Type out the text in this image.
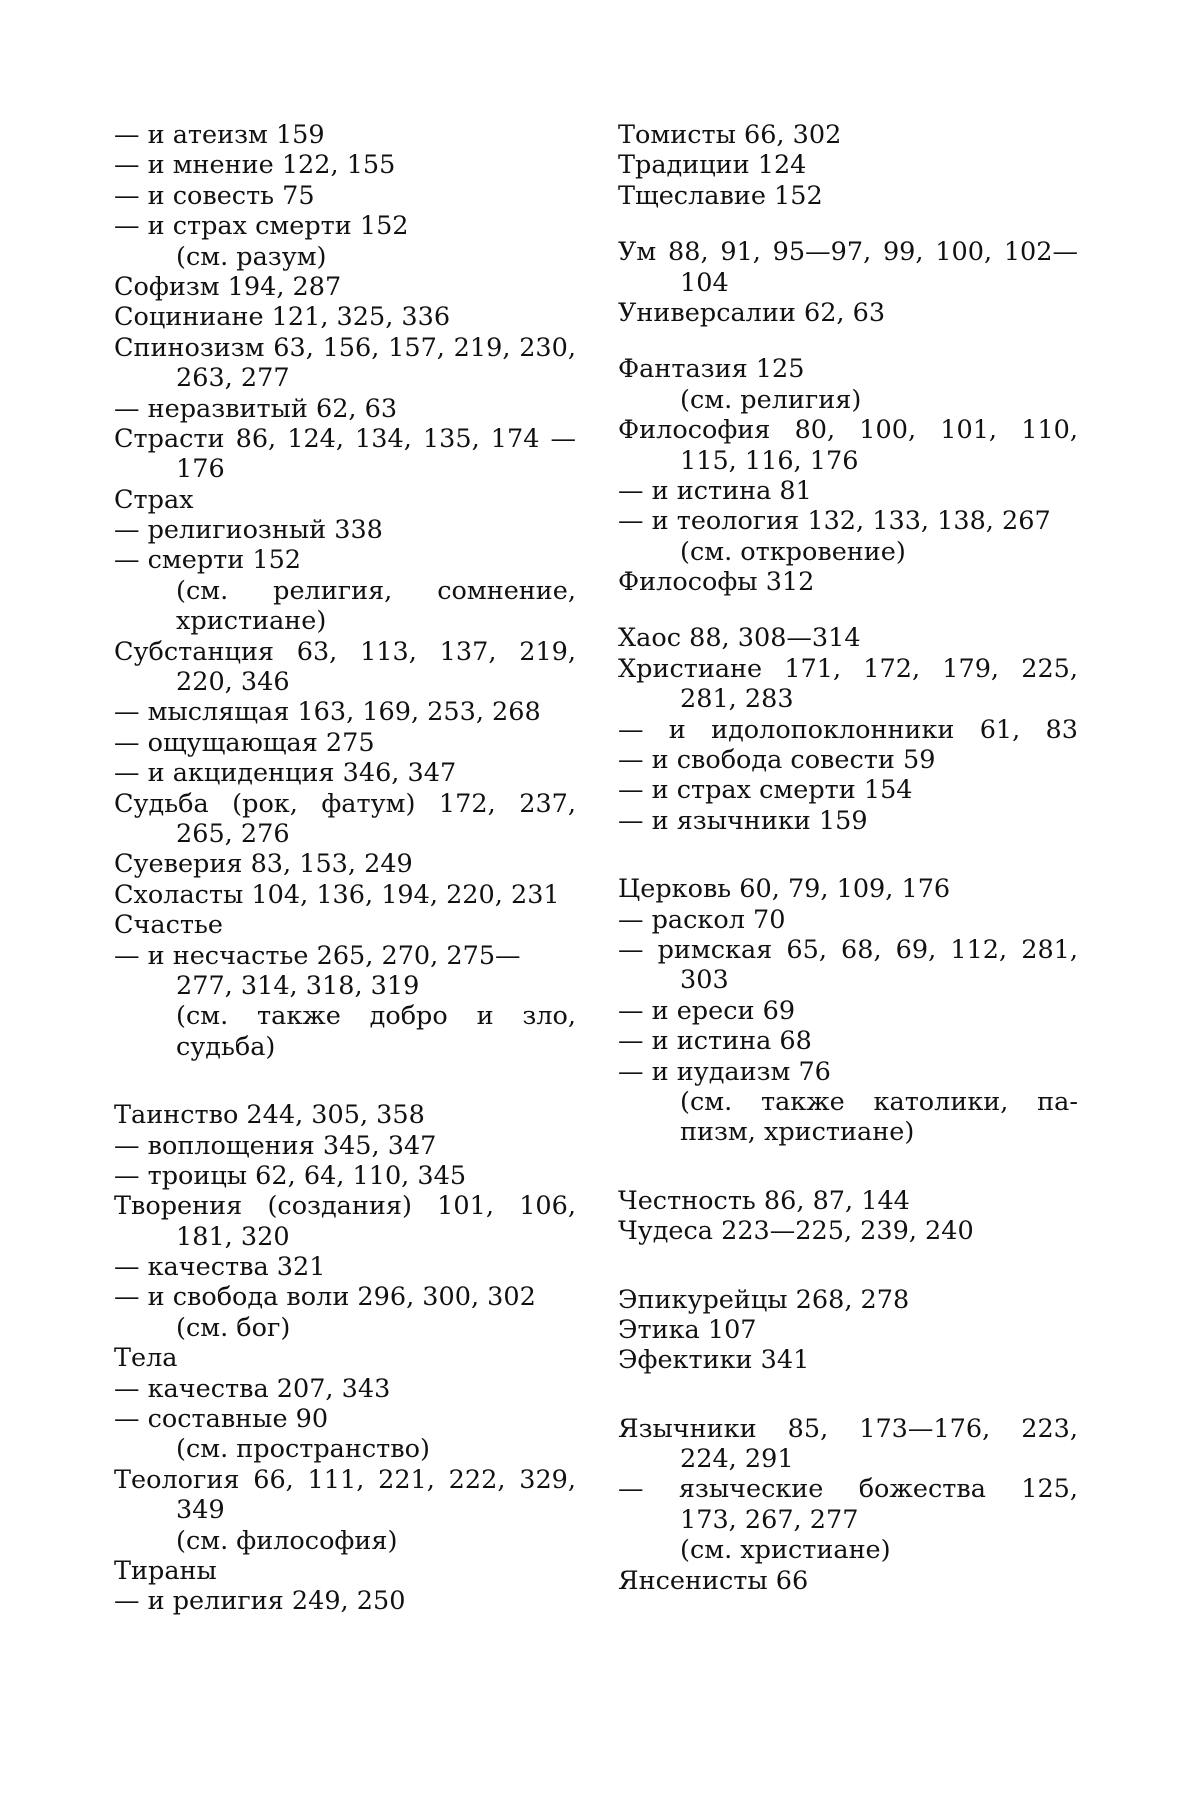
— и атеизм 159
— и мнение 122, 155
— и совесть 75
— и страх смерти 152
(см. разум)
Софизм 194, 287
Социниане 121, 325, 336
Спинозизм 63, 156, 157, 219, 230,
263, 277
— неразвитый 62, 63
Страсти 86, 124, 134, 135, 174 —
176
Страх
— религиозный 338
— смерти 152
(см. религия, сомнение,
христиане)
Субстанция 63, 113, 137, 219,
220, 346
— мыслящая 163, 169, 253, 268
— ощущающая 275
— и акциденция 346, 347
Судьба (рок, фатум) 172, 237,
265, 276
Суеверия 83, 153, 249
Схоласты 104, 136, 194, 220, 231
Счастье
— и несчастье 265, 270, 275—
277, 314, 318, 319
(см. также добро и зло,
судьба)
Таинство 244, 305, 358
— воплощения 345, 347
— троицы 62, 64, 110, 345
Творения (создания) 101, 106,
181, 320
— качества 321
— и свобода воли 296, 300, 302
(см. бог)
Тела
— качества 207, 343
— составные 90
(см. пространство)
Теология 66, 111, 221, 222, 329,
349
(см. философия)
Тираны
— и религия 249, 250
Томисты 66, 302
Традиции 124
Тщеславие 152
Ум 88, 91, 95—97, 99, 100, 102—
104
Универсалии 62, 63
Фантазия 125
(см. религия)
Философия 80, 100, 101, 110,
115, 116, 176
— и истина 81
— и теология 132, 133, 138, 267
(см. откровение)
Философы 312
Хаос 88, 308—314
Христиане 171, 172, 179, 225,
281, 283
— и идолопоклонники 61, 83
— и свобода совести 59
— и страх смерти 154
— и язычники 159
Церковь 60, 79, 109, 176
— раскол 70
— римская 65, 68, 69, 112, 281,
303
— и ереси 69
— и истина 68
— и иудаизм 76
(см. также католики, па-
пизм, христиане)
Честность 86, 87, 144
Чудеса 223—225, 239, 240
Эпикурейцы 268, 278
Этика 107
Эфектики 341
Язычники 85, 173—176, 223,
224, 291
— языческие божества 125,
173, 267, 277
(см. христиане)
Янсенисты 66
